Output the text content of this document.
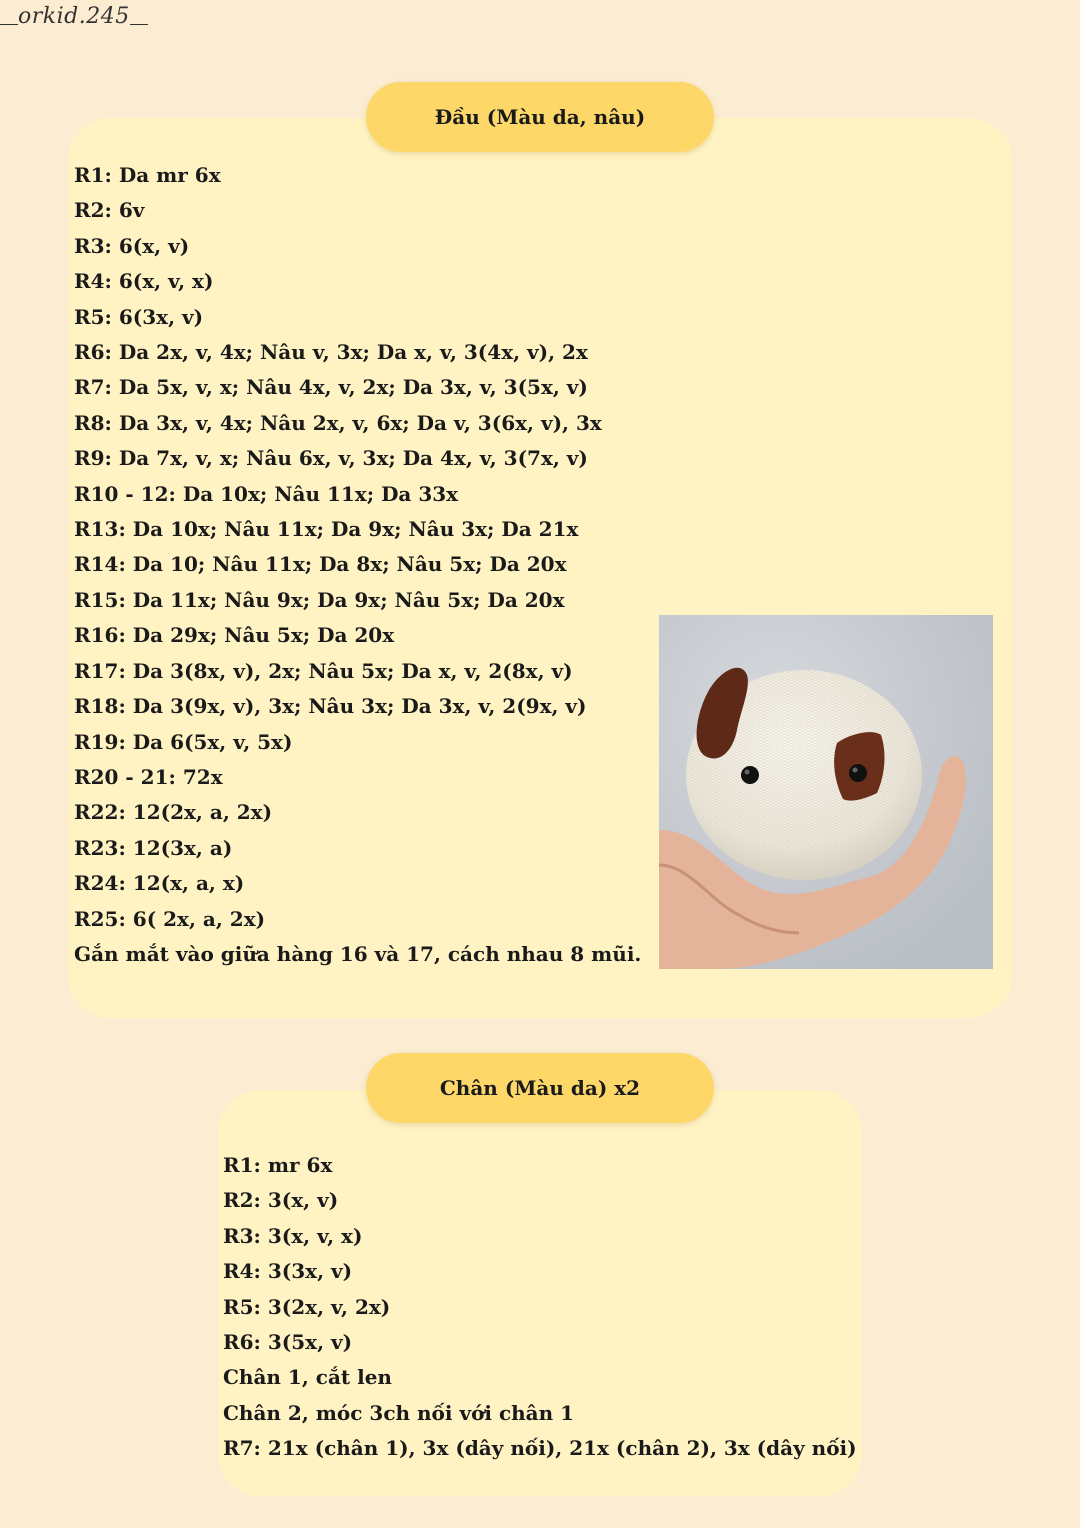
orkid.245
Đầu (Màu da, nâu)
R1: Da mr 6x
R2: 6v
R3: 6(x, v)
R4: 6(x, v, x)
R5: 6(3x, v)
R6: Da 2x, v, 4x; Nâu v, 3x; Da x, v, 3(4x, v), 2x
R7: Da 5x, v, x; Nâu 4x, v, 2x; Da 3x, v, 3(5x, v)
R8: Da 3x, v, 4x; Nâu 2x, v, 6x; Da v, 3(6x, v), 3x
R9: Da 7x, v, x; Nâu 6x, v, 3x; Da 4x, v, 3(7x, v)
R10 - 12: Da 10x; Nâu 11x; Da 33x
R13: Da 10x; Nâu 11x; Da 9x; Nâu 3x; Da 21x
R14: Da 10; Nâu 11x; Da 8x; Nâu 5x; Da 20x
R15: Da 11x; Nâu 9x; Da 9x; Nâu 5x; Da 20x
R16: Da 29x; Nâu 5x; Da 20x
R17: Da 3(8x, v), 2x; Nâu 5x; Da x, v, 2(8x, v)
R18: Da 3(9x, v), 3x; Nâu 3x; Da 3x, v, 2(9x, v)
R19: Da 6(5x, v, 5x)
R20 - 21: 72x
R22: 12(2x, a, 2x)
R23: 12(3x, a)
R24: 12(x, a, x)
R25: 6( 2x, a, 2x)
Gắn mắt vào giữa hàng 16 và 17, cách nhau 8 mũi.
Chân (Màu da) x2
R1: mr 6x
R2: 3(x, v)
R3: 3(x, v, x)
R4: 3(3x, v)
R5: 3(2x, v, 2x)
R6: 3(5x, v)
Chân 1, cắt len
Chân 2, móc 3ch nối với chân 1
R7: 21x (chân 1), 3x (dây nối), 21x (chân 2), 3x (dây nối)
